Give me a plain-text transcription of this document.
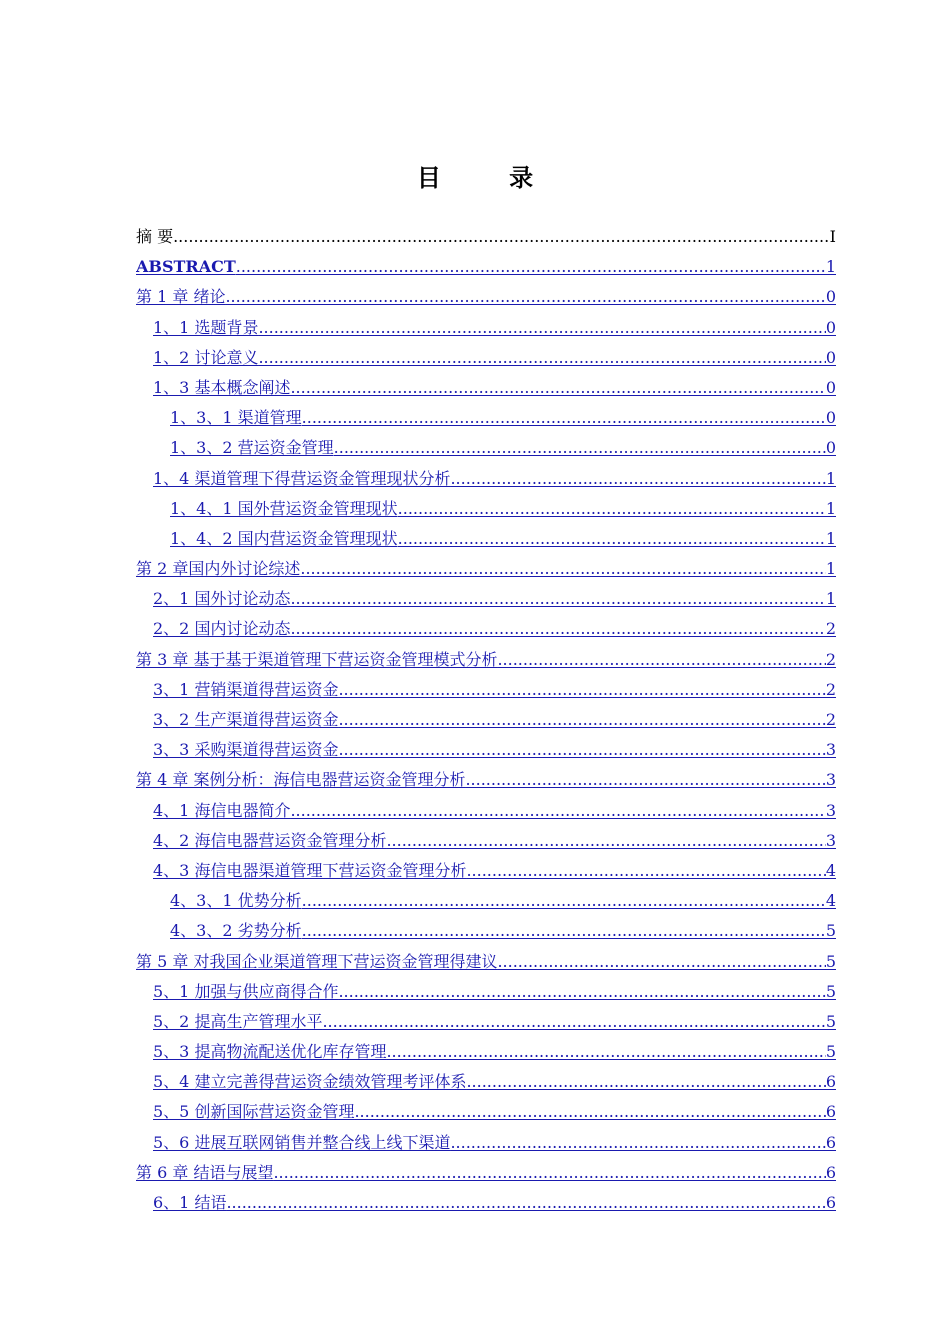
目 录
摘 要 .....	I
ABSTRACT .....	1
第 1 章 绪论 .....	0
1、1 选题背景 .....	0
1、2 讨论意义 .....	0
1、3 基本概念阐述 .....	0
1、3、1 渠道管理 .....	0
1、3、2 营运资金管理 .....	0
1、4 渠道管理下得营运资金管理现状分析 .....	1
1、4、1 国外营运资金管理现状 .....	1
1、4、2 国内营运资金管理现状 .....	1
第 2 章国内外讨论综述 .....	1
2、1 国外讨论动态 .....	1
2、2 国内讨论动态 .....	2
第 3 章 基于基于渠道管理下营运资金管理模式分析 .....	2
3、1 营销渠道得营运资金 .....	2
3、2 生产渠道得营运资金 .....	2
3、3 采购渠道得营运资金 .....	3
第 4 章 案例分析：海信电器营运资金管理分析 .....	3
4、1 海信电器简介 .....	3
4、2 海信电器营运资金管理分析 .....	3
4、3 海信电器渠道管理下营运资金管理分析 .....	4
4、3、1 优势分析 .....	4
4、3、2 劣势分析 .....	5
第 5 章 对我国企业渠道管理下营运资金管理得建议 .....	5
5、1 加强与供应商得合作 .....	5
5、2 提高生产管理水平 .....	5
5、3 提高物流配送优化库存管理 .....	5
5、4 建立完善得营运资金绩效管理考评体系 .....	6
5、5 创新国际营运资金管理 .....	6
5、6 进展互联网销售并整合线上线下渠道 .....	6
第 6 章 结语与展望 .....	6
6、1 结语 .....	6
